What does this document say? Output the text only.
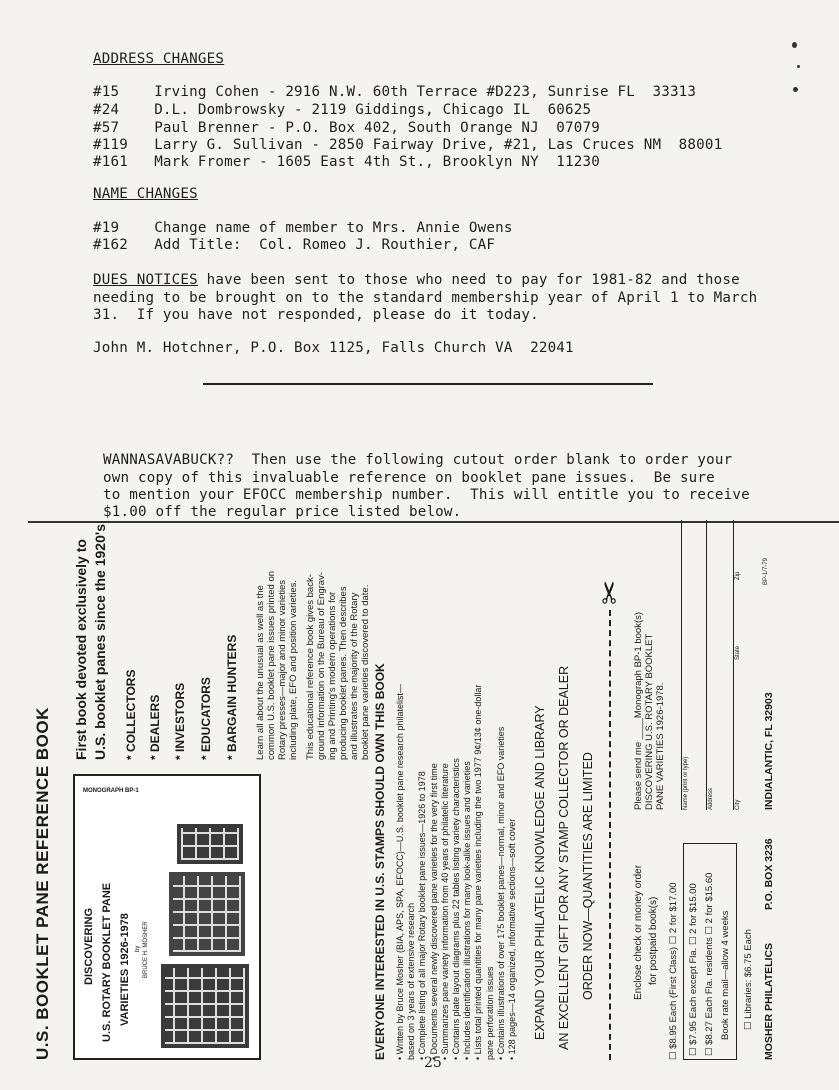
ADDRESS CHANGES
#15    Irving Cohen - 2916 N.W. 60th Terrace #D223, Sunrise FL  33313
#24    D.L. Dombrowsky - 2119 Giddings, Chicago IL  60625
#57    Paul Brenner - P.O. Box 402, South Orange NJ  07079
#119   Larry G. Sullivan - 2850 Fairway Drive, #21, Las Cruces NM  88001
#161   Mark Fromer - 1605 East 4th St., Brooklyn NY  11230
NAME CHANGES
#19    Change name of member to Mrs. Annie Owens
#162   Add Title:  Col. Romeo J. Routhier, CAF
DUES NOTICES have been sent to those who need to pay for 1981-82 and those
needing to be brought on to the standard membership year of April 1 to March
31.  If you have not responded, please do it today.
John M. Hotchner, P.O. Box 1125, Falls Church VA  22041
WANNASAVABUCK??  Then use the following cutout order blank to order your
own copy of this invaluable reference on booklet pane issues.  Be sure
to mention your EFOCC membership number.  This will entitle you to receive
$1.00 off the regular price listed below.
U.S. BOOKLET PANE REFERENCE BOOK	DISCOVERING U.S. ROTARY BOOKLET PANE VARIETIES 1926-1978 by BRUCE H. MOSHER
MONOGRAPH BP-1
First book devoted exclusively to U.S. booklet panes since the 1920's * COLLECTORS
* DEALERS
* INVESTORS
* EDUCATORS
* BARGAIN HUNTERS Learn all about the unusual as well as the common U.S. booklet pane issues printed on Rotary presses—major and minor varieties including plate, EFO and position varieties. This educational reference book gives back- ground information on the Bureau of Engrav- ing and Printing's modern operations for producing booklet panes. Then describes and illustrates the majority of the Rotary booklet pane varieties discovered to date. EVERYONE INTERESTED IN U.S. STAMPS SHOULD OWN THIS BOOK • Written by Bruce Mosher (BIA, APS, SPA, EFOCC)—U.S. booklet pane research philatelist— based on 3 years of extensive research • Complete listing of all major Rotary booklet pane issues—1926 to 1978 • Documents several newly discovered pane varieties for the very first time • Summarizes pane variety information from 40 years of philatelic literature • Contains plate layout diagrams plus 22 tables listing variety characteristics • Includes identification illustrations for many look-alike issues and varieties • Lists total printed quantities for many pane varieties including the two 1977 9¢/13¢ one-dollar pane perforation issues • Contains illustrations of over 175 booklet panes—normal, minor and EFO varieties • 128 pages—14 organized, informative sections—soft cover EXPAND YOUR PHILATELIC KNOWLEDGE AND LIBRARY AN EXCELLENT GIFT FOR ANY STAMP COLLECTOR OR DEALER ORDER NOW—QUANTITIES ARE LIMITED
✂
Enclose check or money order for postpaid book(s) ☐ $8.95 Each (First Class) ☐ 2 for $17.00 ☐ $7.95 Each except Fla. ☐ 2 for $15.00 ☐ $8.27 Each Fla. residents ☐ 2 for $15.60 Book rate mail—allow 4 weeks ☐ Libraries: $6.75 Each
Please send me ____Monograph BP-1 book(s) DISCOVERING U.S. ROTARY BOOKLET PANE VARIETIES 1926-1978.	Name (print or type)	Address	City
State
Zip
MOSHER PHILATELICS
P.O. BOX 3236
INDIALANTIC, FL 32903
BP-1/7-79
25
